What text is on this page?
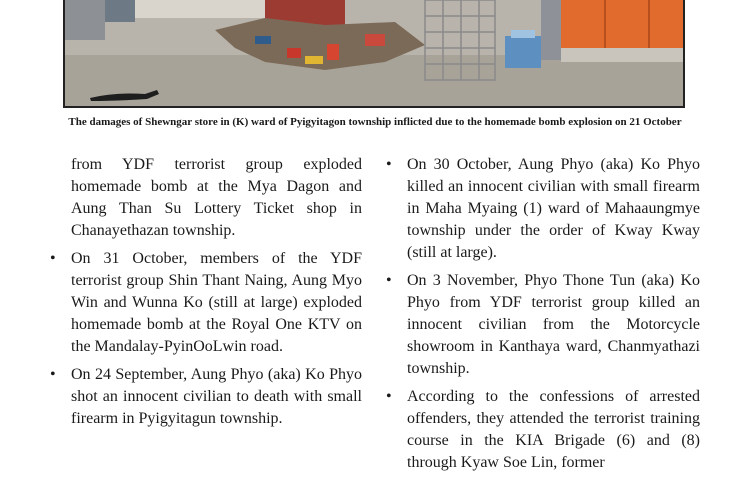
The damages of Shewngar store in (K) ward of Pyigyitagon township inflicted due to the homemade bomb explosion on 21 October
from YDF terrorist group exploded homemade bomb at the Mya Dagon and Aung Than Su Lottery Ticket shop in Chanayethazan township.
• On 31 October, members of the YDF terrorist group Shin Thant Naing, Aung Myo Win and Wunna Ko (still at large) exploded homemade bomb at the Royal One KTV on the Mandalay-PyinOoLwin road.
• On 24 September, Aung Phyo (aka) Ko Phyo shot an innocent civilian to death with small firearm in Pyigyitagun township.
• On 30 October, Aung Phyo (aka) Ko Phyo killed an innocent civilian with small firearm in Maha Myaing (1) ward of Mahaaungmye township under the order of Kway Kway (still at large).
• On 3 November, Phyo Thone Tun (aka) Ko Phyo from YDF terrorist group killed an innocent civilian from the Motorcycle showroom in Kanthaya ward, Chanmyathazi township.
• According to the confessions of arrested offenders, they attended the terrorist training course in the KIA Brigade (6) and (8) through Kyaw Soe Lin, former
